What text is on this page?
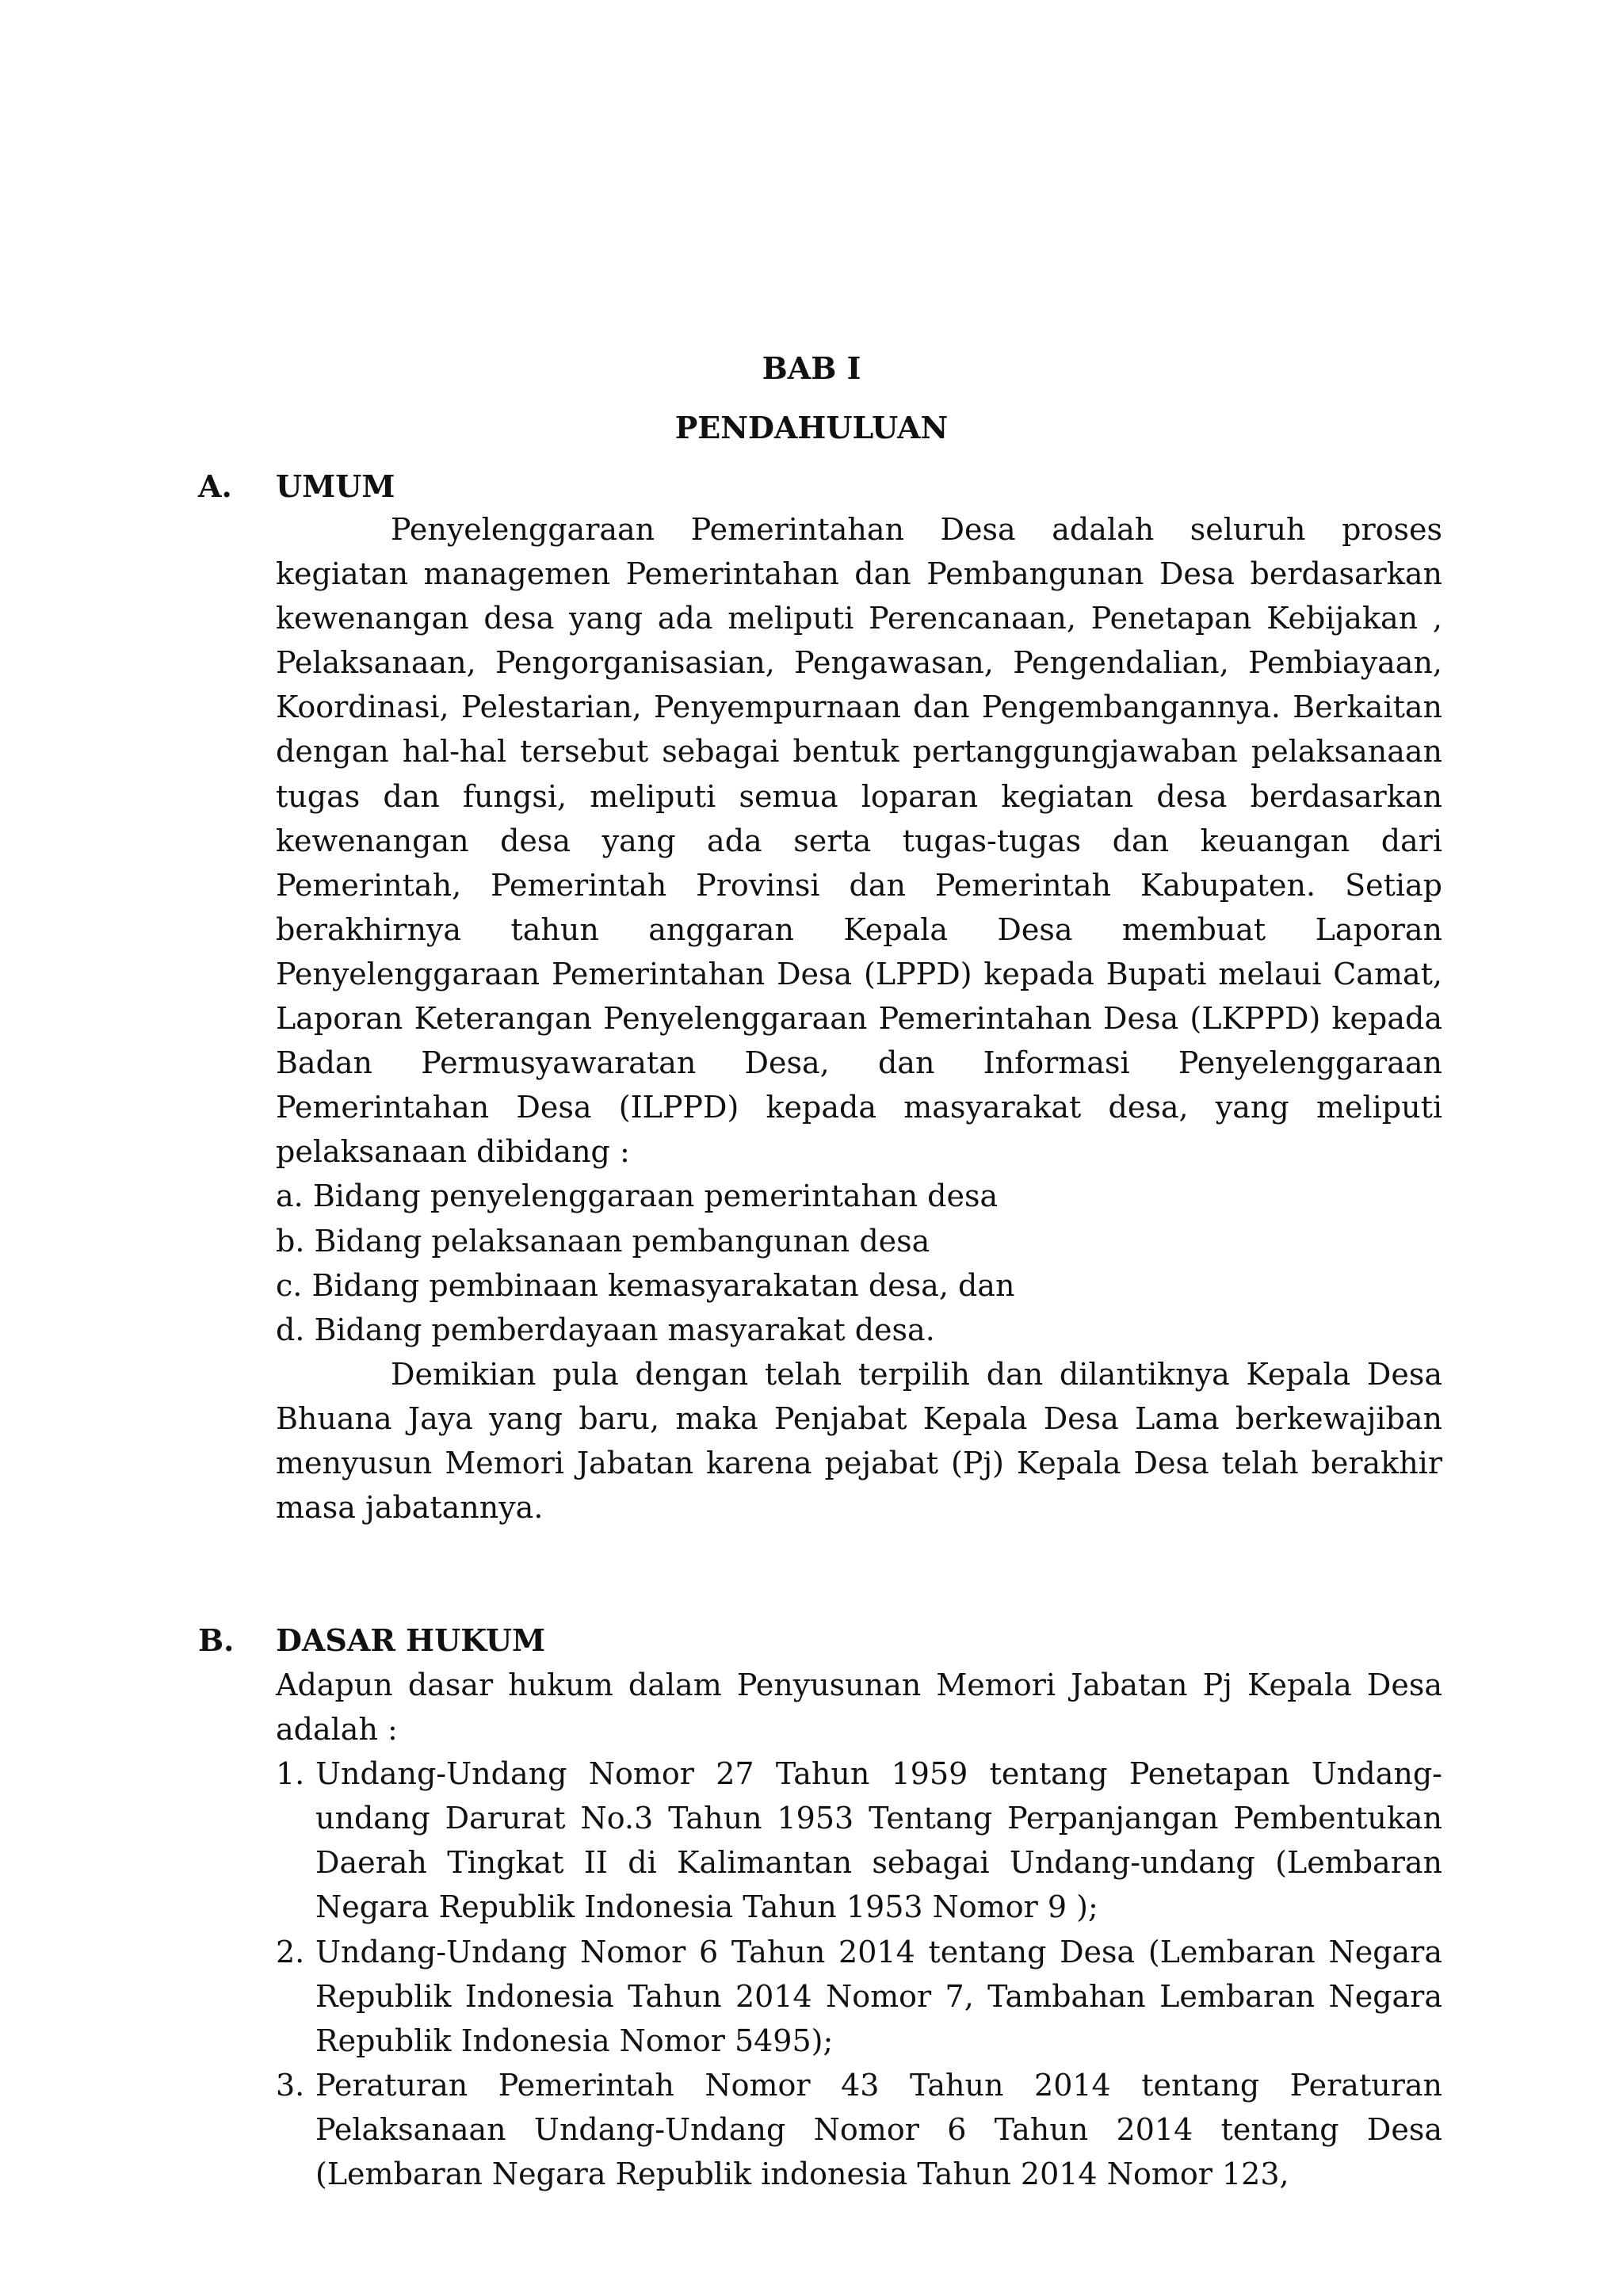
BAB I
PENDAHULUAN
A. UMUM

Penyelenggaraan Pemerintahan Desa adalah seluruh proses kegiatan managemen Pemerintahan dan Pembangunan Desa berdasarkan kewenangan desa yang ada meliputi Perencanaan, Penetapan Kebijakan , Pelaksanaan, Pengorganisasian, Pengawasan, Pengendalian, Pembiayaan, Koordinasi, Pelestarian, Penyempurnaan dan Pengembangannya. Berkaitan dengan hal-hal tersebut sebagai bentuk pertanggungjawaban pelaksanaan tugas dan fungsi, meliputi semua loparan kegiatan desa berdasarkan kewenangan desa yang ada serta tugas-tugas dan keuangan dari Pemerintah, Pemerintah Provinsi dan Pemerintah Kabupaten. Setiap berakhirnya tahun anggaran Kepala Desa membuat Laporan Penyelenggaraan Pemerintahan Desa (LPPD) kepada Bupati melaui Camat, Laporan Keterangan Penyelenggaraan Pemerintahan Desa (LKPPD) kepada Badan Permusyawaratan Desa, dan Informasi Penyelenggaraan Pemerintahan Desa (ILPPD) kepada masyarakat desa, yang meliputi pelaksanaan dibidang :

a. Bidang penyelenggaraan pemerintahan desa

b. Bidang pelaksanaan pembangunan desa

c. Bidang pembinaan kemasyarakatan desa, dan

d. Bidang pemberdayaan masyarakat desa.

Demikian pula dengan telah terpilih dan dilantiknya Kepala Desa Bhuana Jaya yang baru, maka Penjabat Kepala Desa Lama berkewajiban menyusun Memori Jabatan karena pejabat (Pj) Kepala Desa telah berakhir masa jabatannya.

B. DASAR HUKUM

Adapun dasar hukum dalam Penyusunan Memori Jabatan Pj Kepala Desa adalah :

1. Undang-Undang Nomor 27 Tahun 1959 tentang Penetapan Undang-undang Darurat No.3 Tahun 1953 Tentang Perpanjangan Pembentukan Daerah Tingkat II di Kalimantan sebagai Undang-undang (Lembaran Negara Republik Indonesia Tahun 1953 Nomor 9 );
2. Undang-Undang Nomor 6 Tahun 2014 tentang Desa (Lembaran Negara Republik Indonesia Tahun 2014 Nomor 7, Tambahan Lembaran Negara Republik Indonesia Nomor 5495);
3. Peraturan Pemerintah Nomor 43 Tahun 2014 tentang Peraturan Pelaksanaan Undang-Undang Nomor 6 Tahun 2014 tentang Desa (Lembaran Negara Republik indonesia Tahun 2014 Nomor 123,
